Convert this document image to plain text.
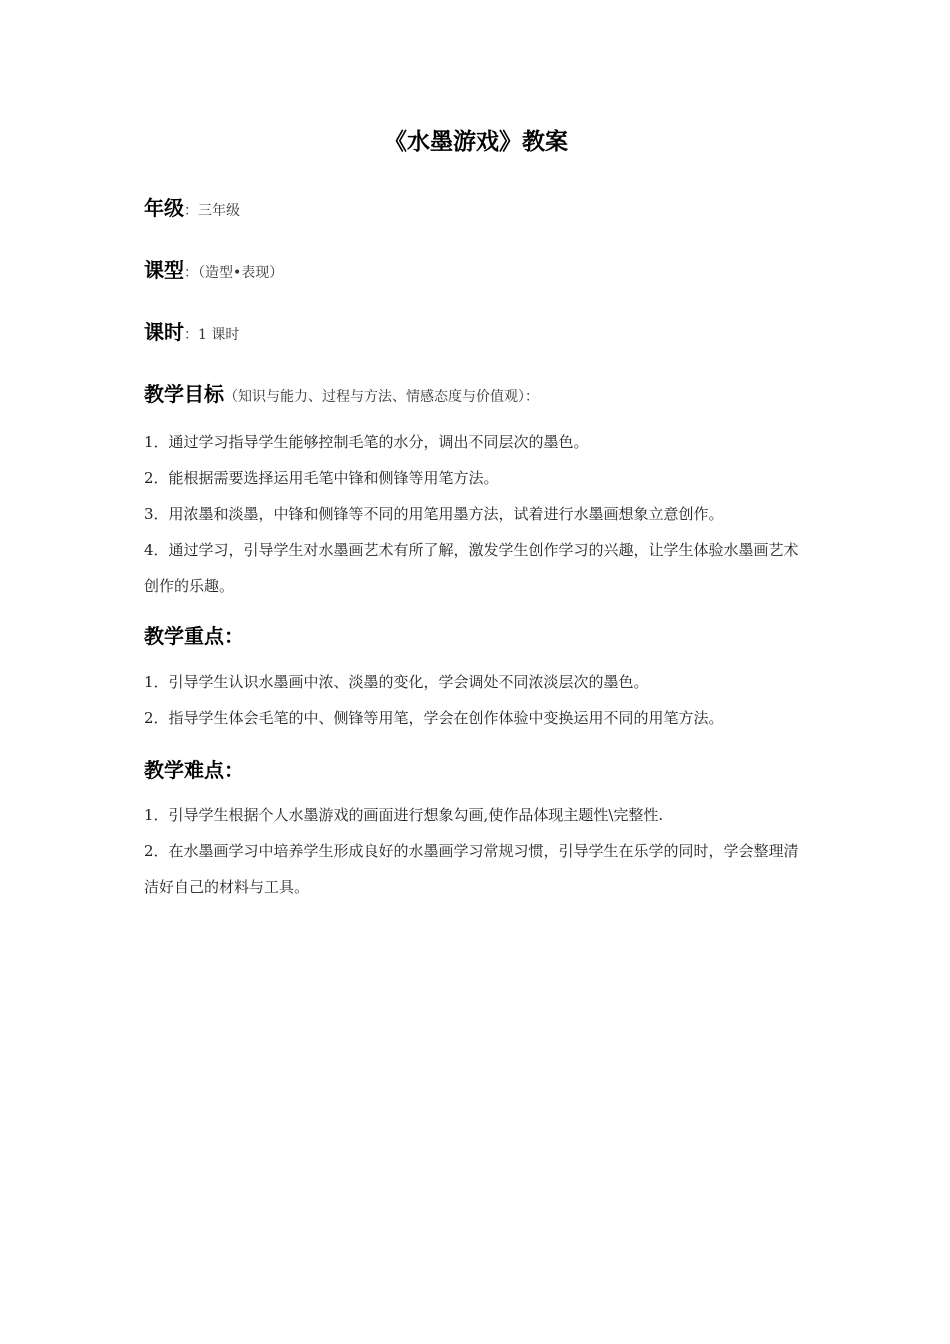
《水墨游戏》教案
年级：三年级
课型：（造型•表现）
课时：1 课时
教学目标（知识与能力、过程与方法、情感态度与价值观）：
1．通过学习指导学生能够控制毛笔的水分，调出不同层次的墨色。
2．能根据需要选择运用毛笔中锋和侧锋等用笔方法。
3．用浓墨和淡墨，中锋和侧锋等不同的用笔用墨方法，试着进行水墨画想象立意创作。
4．通过学习，引导学生对水墨画艺术有所了解，激发学生创作学习的兴趣，让学生体验水墨画艺术创作的乐趣。
教学重点：
1．引导学生认识水墨画中浓、淡墨的变化，学会调处不同浓淡层次的墨色。
2．指导学生体会毛笔的中、侧锋等用笔，学会在创作体验中变换运用不同的用笔方法。
教学难点：
1．引导学生根据个人水墨游戏的画面进行想象勾画,使作品体现主题性\完整性.
2．在水墨画学习中培养学生形成良好的水墨画学习常规习惯，引导学生在乐学的同时，学会整理清洁好自己的材料与工具。
